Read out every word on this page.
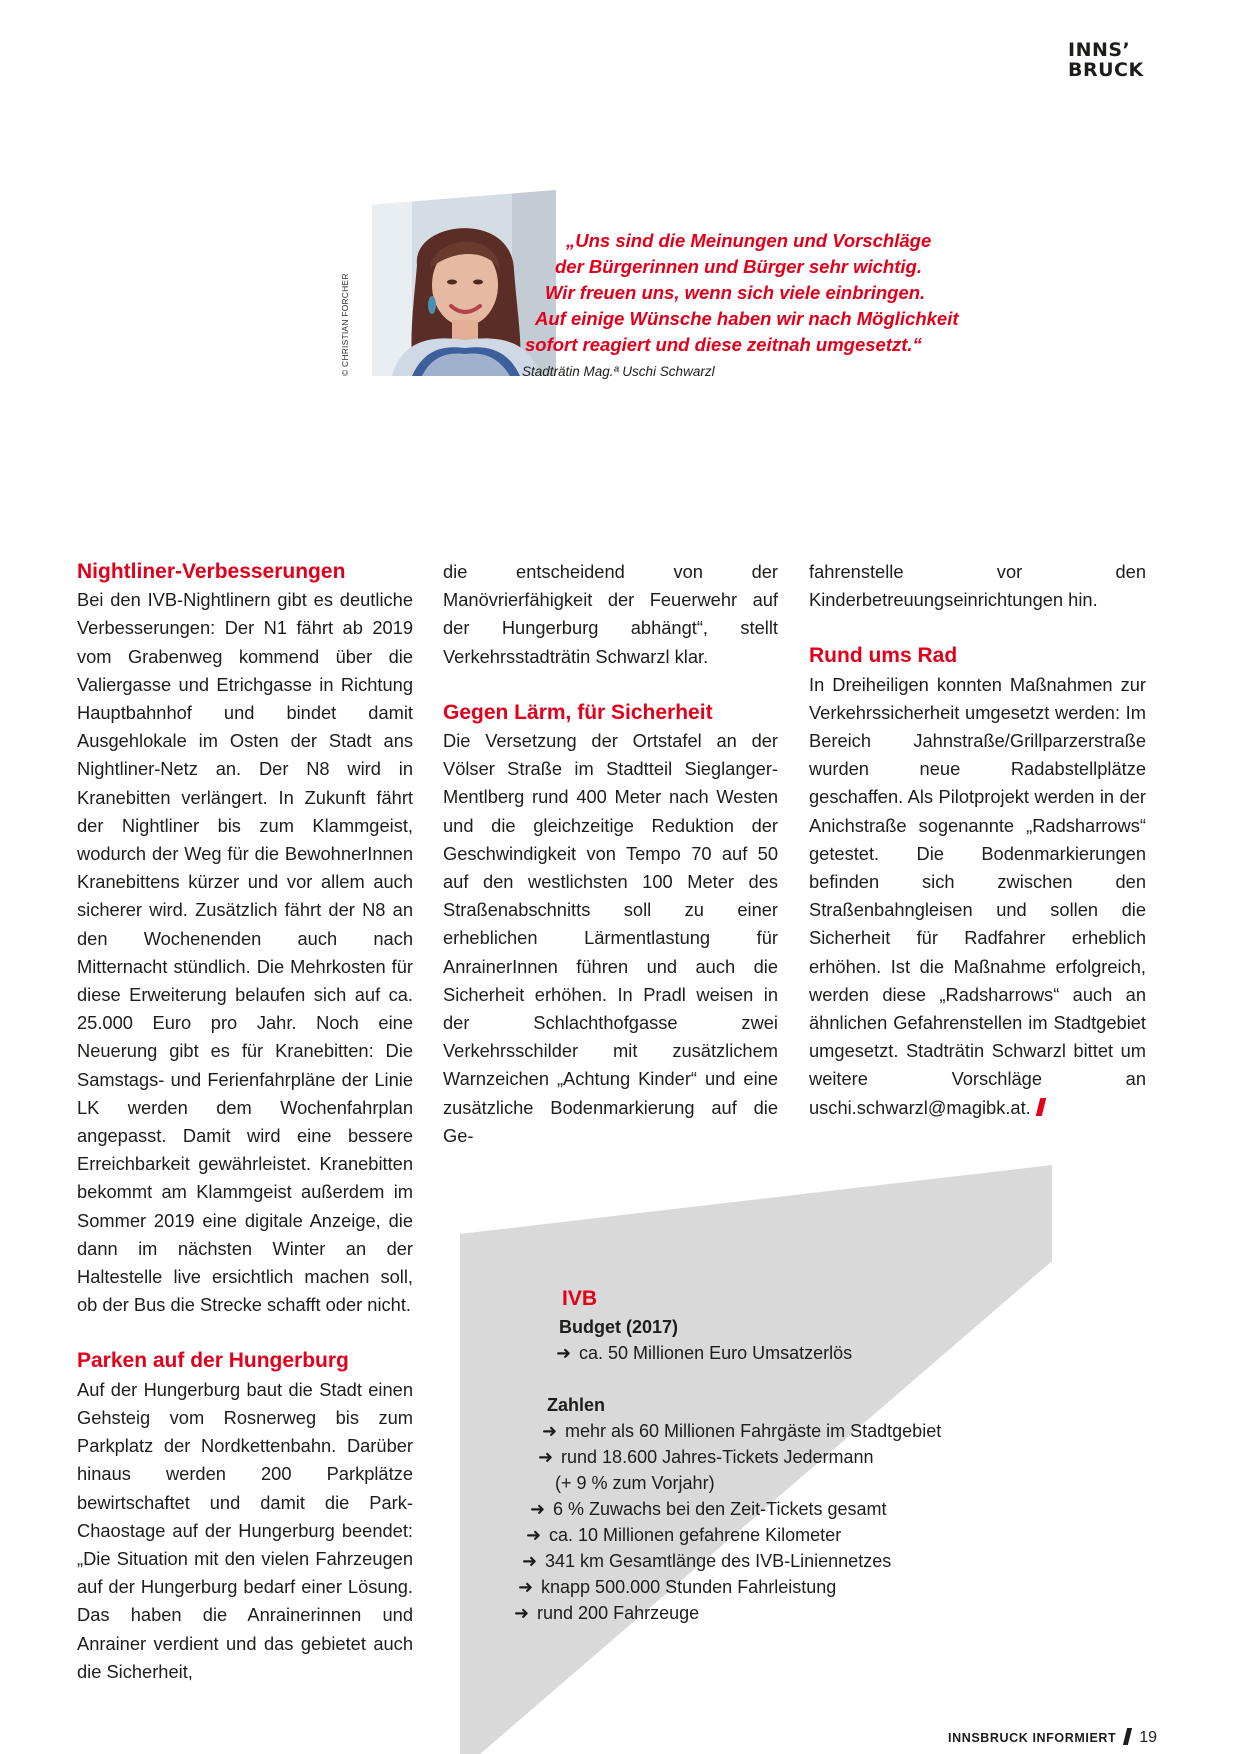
INNS’
BRUCK
© CHRISTIAN FORCHER
„Uns sind die Meinungen und Vorschläge
der Bürgerinnen und Bürger sehr wichtig.
Wir freuen uns, wenn sich viele einbringen.
Auf einige Wünsche haben wir nach Möglichkeit
sofort reagiert und diese zeitnah umgesetzt.“
Stadträtin Mag.ª Uschi Schwarzl
Nightliner-Verbesserungen

Bei den IVB-Nightlinern gibt es deutliche Verbesserungen: Der N1 fährt ab 2019 vom Grabenweg kommend über die Valiergasse und Etrichgasse in Richtung Hauptbahnhof und bindet damit Ausgehlokale im Osten der Stadt ans Nightliner-Netz an. Der N8 wird in Kranebitten verlängert. In Zukunft fährt der Nightliner bis zum Klammgeist, wodurch der Weg für die BewohnerInnen Kranebittens kürzer und vor allem auch sicherer wird. Zusätzlich fährt der N8 an den Wochenenden auch nach Mitternacht stündlich. Die Mehrkosten für diese Erweiterung belaufen sich auf ca. 25.000 Euro pro Jahr. Noch eine Neuerung gibt es für Kranebitten: Die Samstags- und Ferienfahrpläne der Linie LK werden dem Wochenfahrplan angepasst. Damit wird eine bessere Erreichbarkeit gewährleistet. Kranebitten bekommt am Klammgeist außerdem im Sommer 2019 eine digitale Anzeige, die dann im nächsten Winter an der Haltestelle live ersichtlich machen soll, ob der Bus die Strecke schafft oder nicht.

Parken auf der Hungerburg

Auf der Hungerburg baut die Stadt einen Gehsteig vom Rosnerweg bis zum Parkplatz der Nordkettenbahn. Darüber hinaus werden 200 Parkplätze bewirtschaftet und damit die Park-Chaostage auf der Hungerburg beendet: „Die Situation mit den vielen Fahrzeugen auf der Hungerburg bedarf einer Lösung. Das haben die Anrainerinnen und Anrainer verdient und das gebietet auch die Sicherheit,

die entscheidend von der Manövrierfähigkeit der Feuerwehr auf der Hungerburg abhängt“, stellt Verkehrsstadträtin Schwarzl klar.

Gegen Lärm, für Sicherheit

Die Versetzung der Ortstafel an der Völser Straße im Stadtteil Sieglanger-Mentlberg rund 400 Meter nach Westen und die gleichzeitige Reduktion der Geschwindigkeit von Tempo 70 auf 50 auf den westlichsten 100 Meter des Straßenabschnitts soll zu einer erheblichen Lärmentlastung für AnrainerInnen führen und auch die Sicherheit erhöhen. In Pradl weisen in der Schlachthofgasse zwei Verkehrsschilder mit zusätzlichem Warnzeichen „Achtung Kinder“ und eine zusätzliche Bodenmarkierung auf die Ge-

fahrenstelle vor den Kinderbetreuungseinrichtungen hin.

Rund ums Rad

In Dreiheiligen konnten Maßnahmen zur Verkehrssicherheit umgesetzt werden: Im Bereich Jahnstraße/Grillparzerstraße wurden neue Radabstellplätze geschaffen. Als Pilotprojekt werden in der Anichstraße sogenannte „Radsharrows“ getestet. Die Bodenmarkierungen befinden sich zwischen den Straßenbahngleisen und sollen die Sicherheit für Radfahrer erheblich erhöhen. Ist die Maßnahme erfolgreich, werden diese „Radsharrows“ auch an ähnlichen Gefahrenstellen im Stadtgebiet umgesetzt. Stadträtin Schwarzl bittet um weitere Vorschläge an uschi.schwarzl@magibk.at.

IVB
Budget (2017)
➜ ca. 50 Millionen Euro Umsatzerlös
Zahlen
➜ mehr als 60 Millionen Fahrgäste im Stadtgebiet
➜ rund 18.600 Jahres-Tickets Jedermann
(+ 9 % zum Vorjahr)
➜ 6 % Zuwachs bei den Zeit-Tickets gesamt
➜ ca. 10 Millionen gefahrene Kilometer
➜ 341 km Gesamtlänge des IVB-Liniennetzes
➜ knapp 500.000 Stunden Fahrleistung
➜ rund 200 Fahrzeuge
INNSBRUCK INFORMIERT 19
